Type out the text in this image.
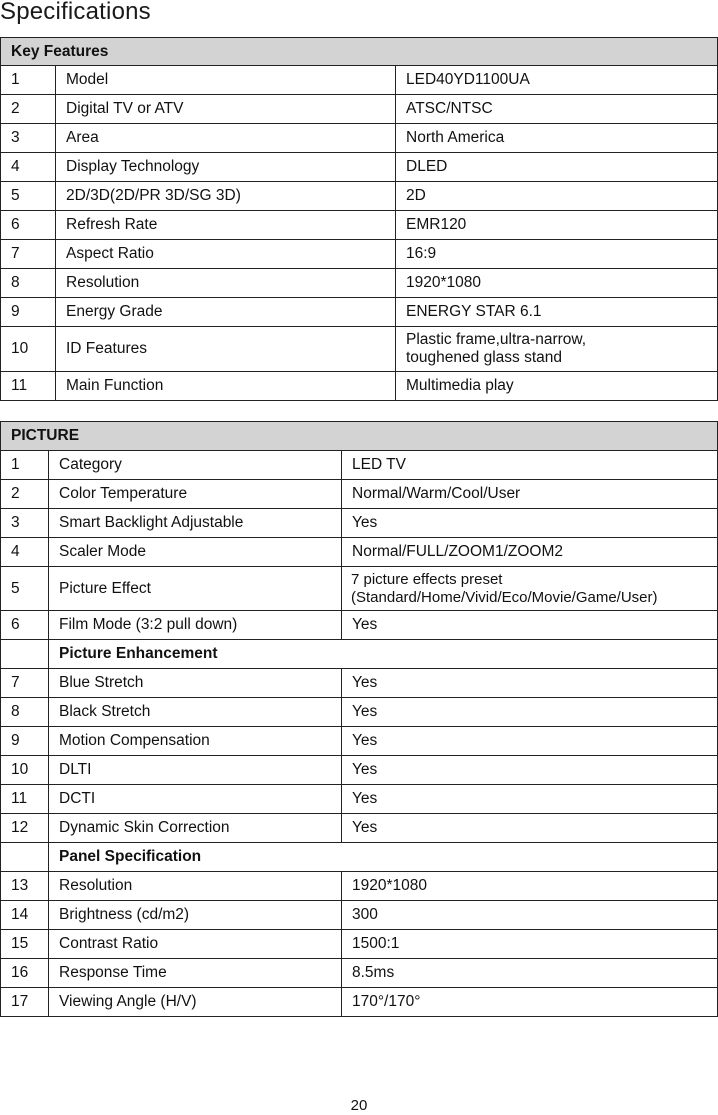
Specifications
Key Features		
1	Model	LED40YD1100UA
2	Digital TV or ATV	ATSC/NTSC
3	Area	North America
4	Display Technology	DLED
5	2D/3D(2D/PR 3D/SG 3D)	2D
6	Refresh Rate	EMR120
7	Aspect Ratio	16:9
8	Resolution	1920*1080
9	Energy Grade	ENERGY STAR 6.1
10	ID Features	Plastic frame,ultra-narrow,
toughened glass stand

11	Main Function	Multimedia play
PICTURE		
1	Category	LED TV
2	Color Temperature	Normal/Warm/Cool/User
3	Smart Backlight Adjustable	Yes
4	Scaler Mode	Normal/FULL/ZOOM1/ZOOM2
5	Picture Effect	7 picture effects preset
(Standard/Home/Vivid/Eco/Movie/Game/User)

6	Film Mode (3:2 pull down)	Yes
	Picture Enhancement	
7	Blue Stretch	Yes
8	Black Stretch	Yes
9	Motion Compensation	Yes
10	DLTI	Yes
11	DCTI	Yes
12	Dynamic Skin Correction	Yes
	Panel Specification	
13	Resolution	1920*1080
14	Brightness (cd/m2)	300
15	Contrast Ratio	1500:1
16	Response Time	8.5ms
17	Viewing Angle (H/V)	170°/170°
20
